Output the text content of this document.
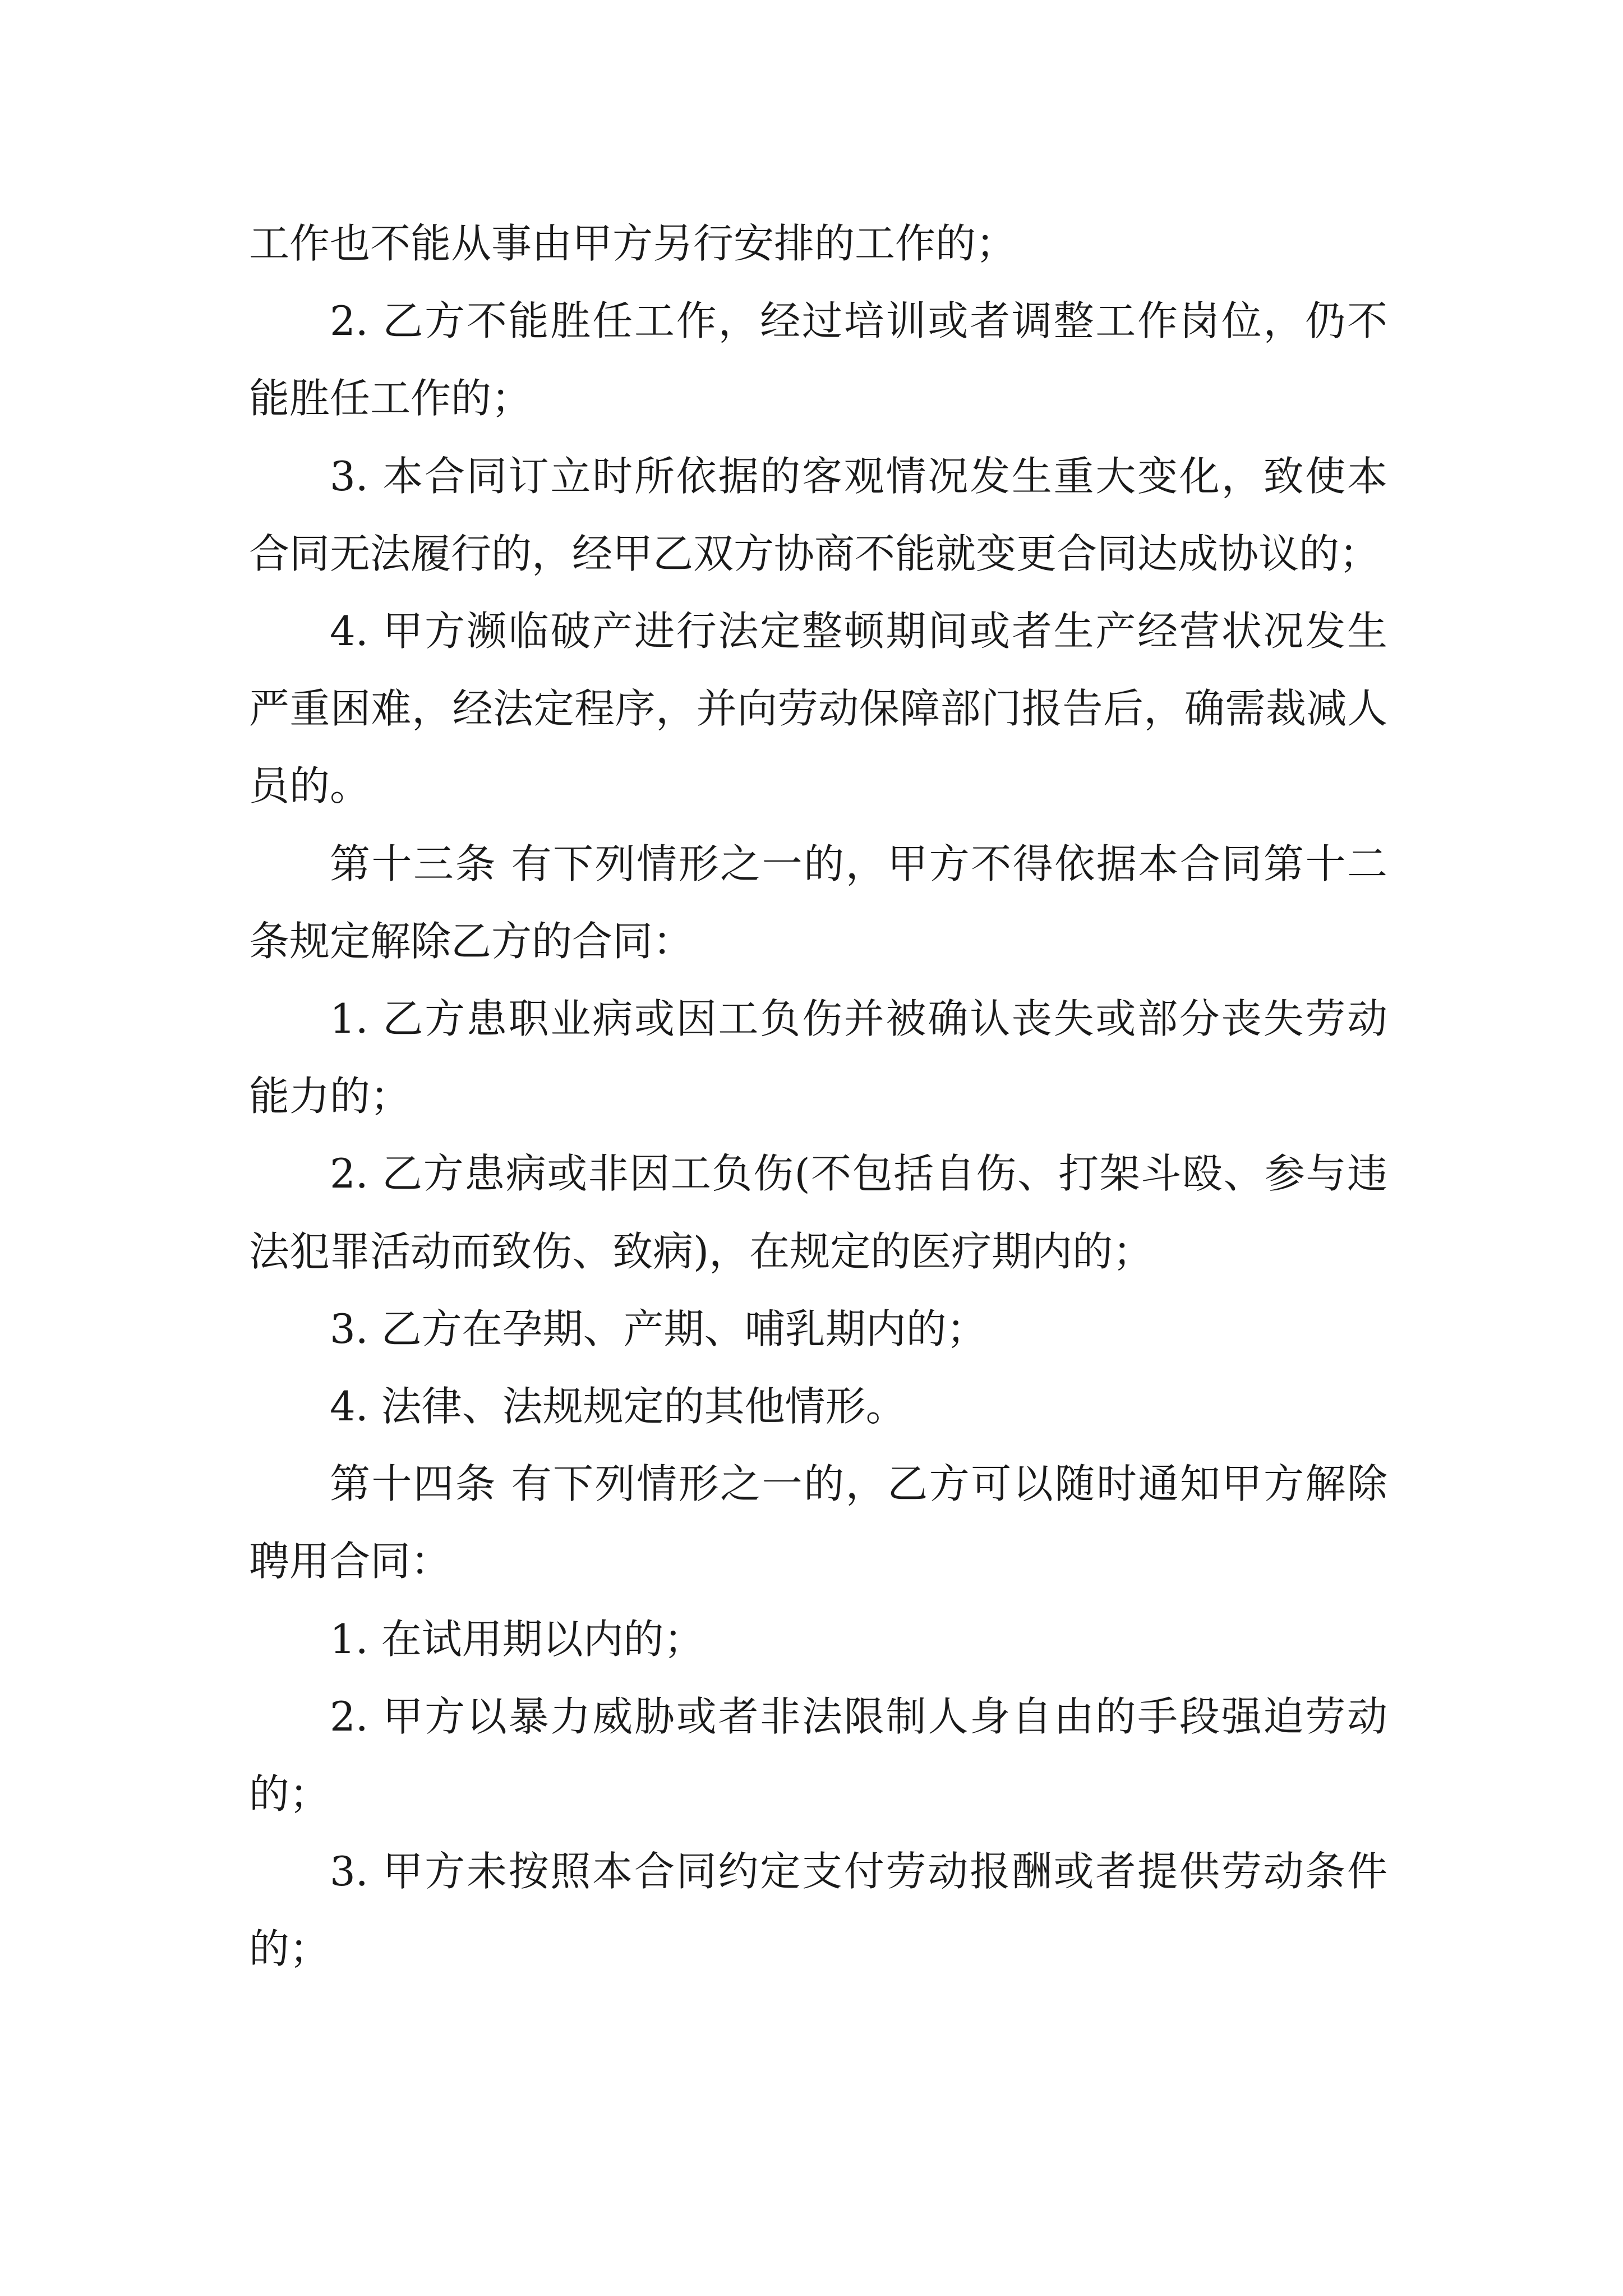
工作也不能从事由甲方另行安排的工作的；

2. 乙方不能胜任工作，经过培训或者调整工作岗位，仍不能胜任工作的；

3. 本合同订立时所依据的客观情况发生重大变化，致使本合同无法履行的，经甲乙双方协商不能就变更合同达成协议的；

4. 甲方濒临破产进行法定整顿期间或者生产经营状况发生严重困难，经法定程序，并向劳动保障部门报告后，确需裁减人员的。

第十三条 有下列情形之一的，甲方不得依据本合同第十二条规定解除乙方的合同：

1. 乙方患职业病或因工负伤并被确认丧失或部分丧失劳动能力的；

2. 乙方患病或非因工负伤(不包括自伤、打架斗殴、参与违法犯罪活动而致伤、致病)，在规定的医疗期内的；

3. 乙方在孕期、产期、哺乳期内的；

4. 法律、法规规定的其他情形。

第十四条 有下列情形之一的，乙方可以随时通知甲方解除聘用合同：

1. 在试用期以内的；

2. 甲方以暴力威胁或者非法限制人身自由的手段强迫劳动的；

3. 甲方未按照本合同约定支付劳动报酬或者提供劳动条件的；
